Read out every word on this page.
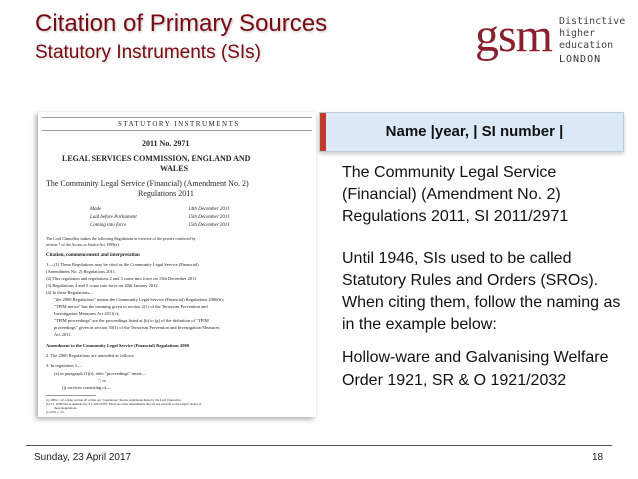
Citation of Primary Sources
Statutory Instruments (SIs)	gsm Distinctive
higher
education
LONDON
STATUTORY INSTRUMENTS
2011 No. 2971
LEGAL SERVICES COMMISSION, ENGLAND AND
WALES
The Community Legal Service (Financial) (Amendment No. 2)
Regulations 2011
Made	14th December 2011
Laid before Parliament	15th December 2011
Coming into force	15th December 2011
The Lord Chancellor makes the following Regulations in exercise of the powers conferred by
section 7 of the Access to Justice Act 1999(a):
Citation, commencement and interpretation
1.—(1) These Regulations may be cited as the Community Legal Service (Financial)
(Amendment No. 2) Regulations 2011.
(2) This regulation and regulations 2 and 3 come into force on 15th December 2011.
(3) Regulations 4 and 5 come into force on 20th January 2012.
(4) In these Regulations—
"the 2000 Regulations" means the Community Legal Service (Financial) Regulations 2000(b);
"TPIM notice" has the meaning given in section 2(1) of the Terrorism Prevention and
Investigation Measures Act 2011(c);
"TPIM proceedings" are the proceedings listed at (b) to (g) of the definition of "TPIM
proceedings" given in section 30(1) of the Terrorism Prevention and Investigation Measures
Act 2011.
Amendment to the Community Legal Service (Financial) Regulations 2000
2. The 2000 Regulations are amended as follows.
3. In regulation 3—
(a) in paragraph (1)(i), after "proceedings" insert—
"; or
(j) services consisting of—
(a) 1999 c. 22. Under section 20 of that Act "regulations" means regulations made by the Lord Chancellor.
(b) S.I. 2000/516 as amended by S.I. 2001/3287. There are other amendments that are not relevant to the subject matter of
these Regulations.
(c) 2011 c. 23.
Name |year, | SI number |
The Community Legal Service (Financial) (Amendment No. 2) Regulations 2011, SI 2011/2971
Until 1946, SIs used to be called Statutory Rules and Orders (SROs). When citing them, follow the naming as in the example below:
Hollow-ware and Galvanising Welfare Order 1921, SR & O 1921/2032
Sunday, 23 April 2017	18
